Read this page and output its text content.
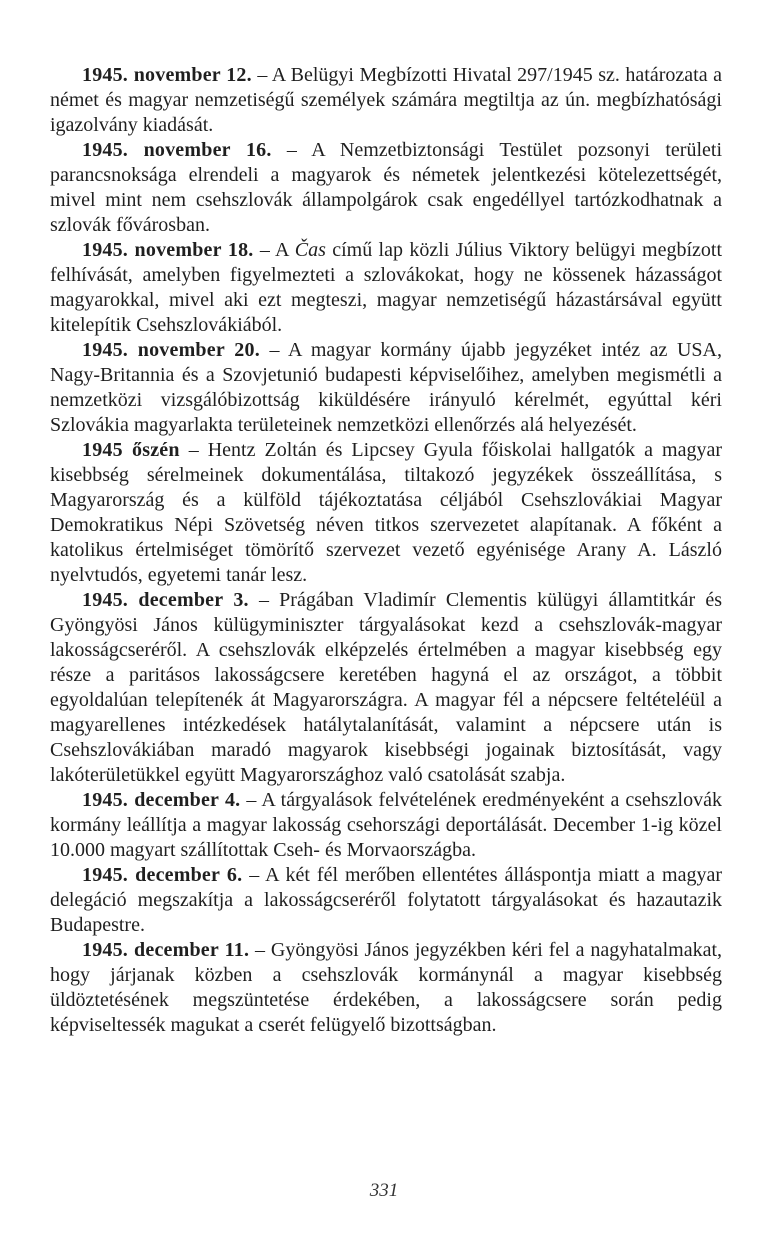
1945. november 12. – A Belügyi Megbízotti Hivatal 297/1945 sz. határozata a német és magyar nemzetiségű személyek számára megtiltja az ún. megbízhatósági igazolvány kiadását.

1945. november 16. – A Nemzetbiztonsági Testület pozsonyi területi parancsnoksága elrendeli a magyarok és németek jelentkezési kötelezettségét, mivel mint nem csehszlovák állampolgárok csak engedéllyel tartózkodhatnak a szlovák fővárosban.

1945. november 18. – A Čas című lap közli Július Viktory belügyi megbízott felhívását, amelyben figyelmezteti a szlovákokat, hogy ne kössenek házasságot magyarokkal, mivel aki ezt megteszi, magyar nemzetiségű házastársával együtt kitelepítik Csehszlovákiából.

1945. november 20. – A magyar kormány újabb jegyzéket intéz az USA, Nagy-Britannia és a Szovjetunió budapesti képviselőihez, amelyben megismétli a nemzetközi vizsgálóbizottság kiküldésére irányuló kérelmét, egyúttal kéri Szlovákia magyarlakta területeinek nemzetközi ellenőrzés alá helyezését.

1945 őszén – Hentz Zoltán és Lipcsey Gyula főiskolai hallgatók a magyar kisebbség sérelmeinek dokumentálása, tiltakozó jegyzékek összeállítása, s Magyarország és a külföld tájékoztatása céljából Csehszlovákiai Magyar Demokratikus Népi Szövetség néven titkos szervezetet alapítanak. A főként a katolikus értelmiséget tömörítő szervezet vezető egyénisége Arany A. László nyelvtudós, egyetemi tanár lesz.

1945. december 3. – Prágában Vladimír Clementis külügyi államtitkár és Gyöngyösi János külügyminiszter tárgyalásokat kezd a csehszlovák-magyar lakosságcseréről. A csehszlovák elképzelés értelmében a magyar kisebbség egy része a paritásos lakosságcsere keretében hagyná el az országot, a többit egyoldalúan telepítenék át Magyarországra. A magyar fél a népcsere feltételéül a magyarellenes intézkedések hatálytalanítását, valamint a népcsere után is Csehszlovákiában maradó magyarok kisebbségi jogainak biztosítását, vagy lakóterületükkel együtt Magyarországhoz való csatolását szabja.

1945. december 4. – A tárgyalások felvételének eredményeként a csehszlovák kormány leállítja a magyar lakosság csehországi deportálását. December 1-ig közel 10.000 magyart szállítottak Cseh- és Morvaországba.

1945. december 6. – A két fél merőben ellentétes álláspontja miatt a magyar delegáció megszakítja a lakosságcseréről folytatott tárgyalásokat és hazautazik Budapestre.

1945. december 11. – Gyöngyösi János jegyzékben kéri fel a nagyhatalmakat, hogy járjanak közben a csehszlovák kormánynál a magyar kisebbség üldöztetésének megszüntetése érdekében, a lakosságcsere során pedig képviseltessék magukat a cserét felügyelő bizottságban.

331
